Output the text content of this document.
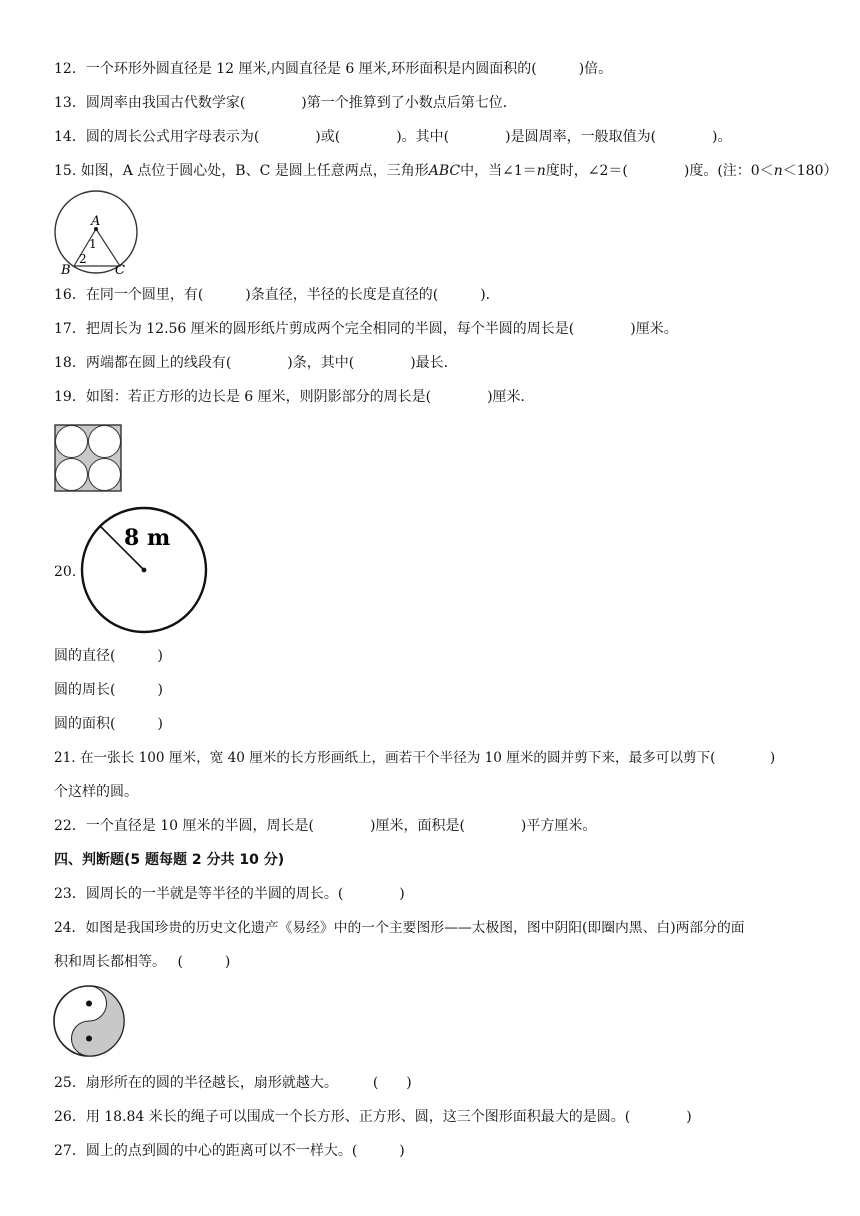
12．一个环形外圆直径是 12 厘米,内圆直径是 6 厘米,环形面积是内圆面积的(　　　)倍。
13．圆周率由我国古代数学家(　　　　)第一个推算到了小数点后第七位．
14．圆的周长公式用字母表示为(　　　　)或(　　　　)。其中(　　　　)是圆周率，一般取值为(　　　　)。
15. 如图，A 点位于圆心处，B、C 是圆上任意两点，三角形ABC中，当∠1＝n度时，∠2＝(　　　　)度。(注：0＜n＜180）
A
1
2
B	C
16．在同一个圆里，有(　　　)条直径，半径的长度是直径的(　　　)．
17．把周长为 12.56 厘米的圆形纸片剪成两个完全相同的半圆，每个半圆的周长是(　　　　)厘米。
18．两端都在圆上的线段有(　　　　)条，其中(　　　　)最长．
19．如图：若正方形的边长是 6 厘米，则阴影部分的周长是(　　　　)厘米．
20.
8 m
圆的直径(　　　)
圆的周长(　　　)
圆的面积(　　　)
21. 在一张长 100 厘米，宽 40 厘米的长方形画纸上，画若干个半径为 10 厘米的圆并剪下来，最多可以剪下(　　　　)
个这样的圆。
22．一个直径是 10 厘米的半圆，周长是(　　　　)厘米，面积是(　　　　)平方厘米。
四、判断题(5 题每题 2 分共 10 分)
23．圆周长的一半就是等半径的半圆的周长。(　　　　)
24．如图是我国珍贵的历史文化遗产《易经》中的一个主要图形——太极图，图中阴阳(即圈内黑、白)两部分的面
积和周长都相等。　 (　　　)
25．扇形所在的圆的半径越长，扇形就越大。　　　(　　)
26．用 18.84 米长的绳子可以围成一个长方形、正方形、圆，这三个图形面积最大的是圆。(　　　　)
27．圆上的点到圆的中心的距离可以不一样大。(　　　)
